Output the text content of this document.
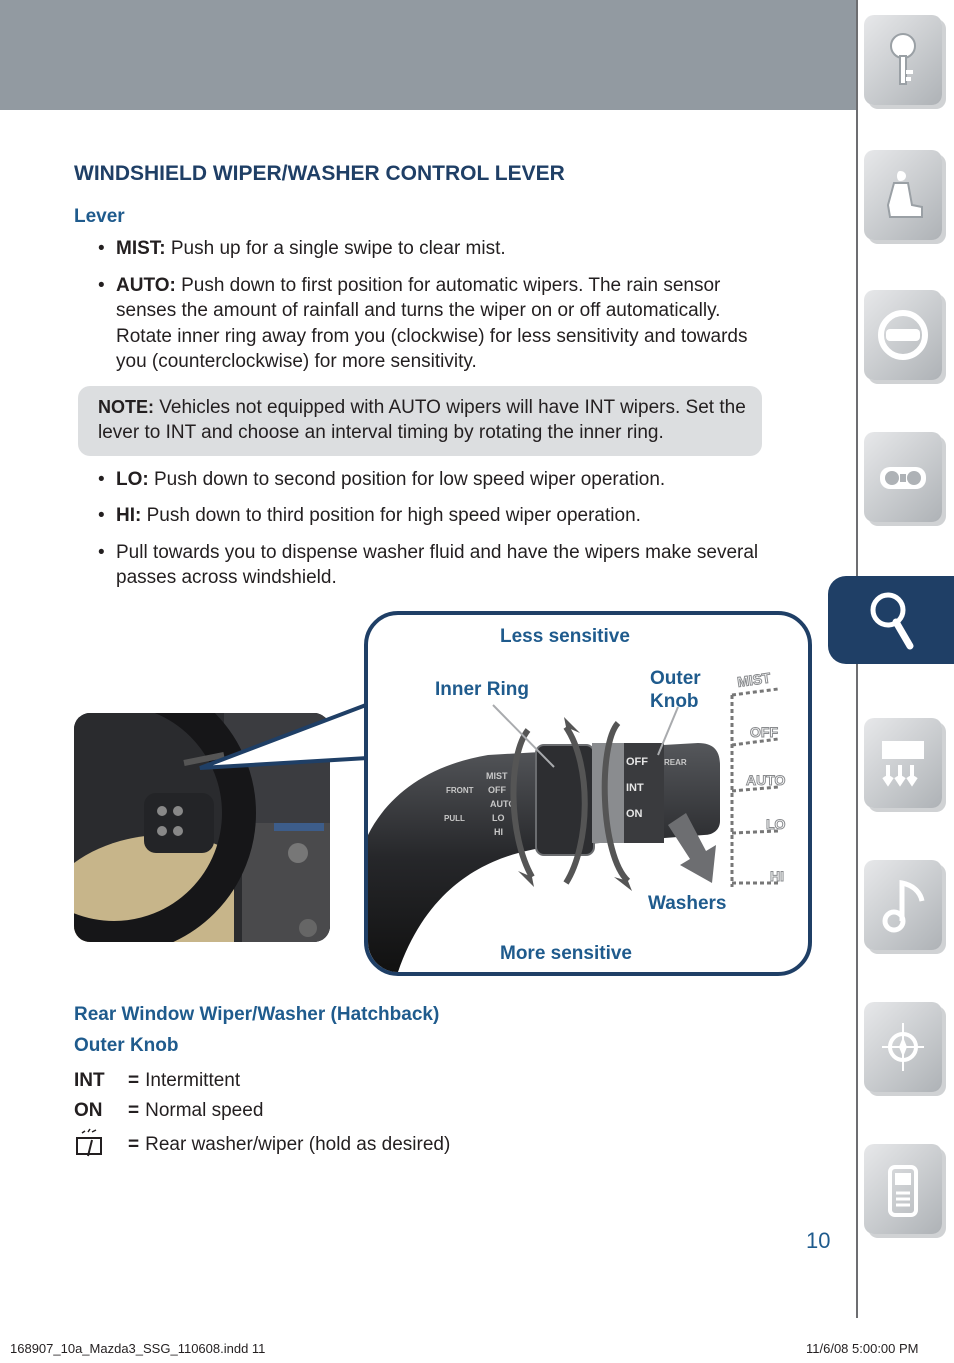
WINDSHIELD WIPER/WASHER CONTROL LEVER
Lever
• MIST: Push up for a single swipe to clear mist.
• AUTO: Push down to first position for automatic wipers. The rain sensor senses the amount of rainfall and turns the wiper on or off automatically. Rotate inner ring away from you (clockwise) for less sensitivity and towards you (counterclockwise) for more sensitivity.
NOTE: Vehicles not equipped with AUTO wipers will have INT wipers. Set the lever to INT and choose an interval timing by rotating the inner ring.
• LO: Push down to second position for low speed wiper operation.
• HI: Push down to third position for high speed wiper operation.
• Pull towards you to dispense washer fluid and have the wipers make several passes across windshield.
FRONT
PULL
MIST
OFF
AUTO
LO
HI
OFF
INT
ON
REAR
MIST
OFF
AUTO
LO
HI
Less sensitive
Inner Ring
Outer
Knob
Washers
More sensitive
Rear Window Wiper/Washer (Hatchback)
Outer Knob
INT = Intermittent
ON = Normal speed
= Rear washer/wiper (hold as desired)
10
168907_10a_Mazda3_SSG_110608.indd 11	11/6/08 5:00:00 PM
